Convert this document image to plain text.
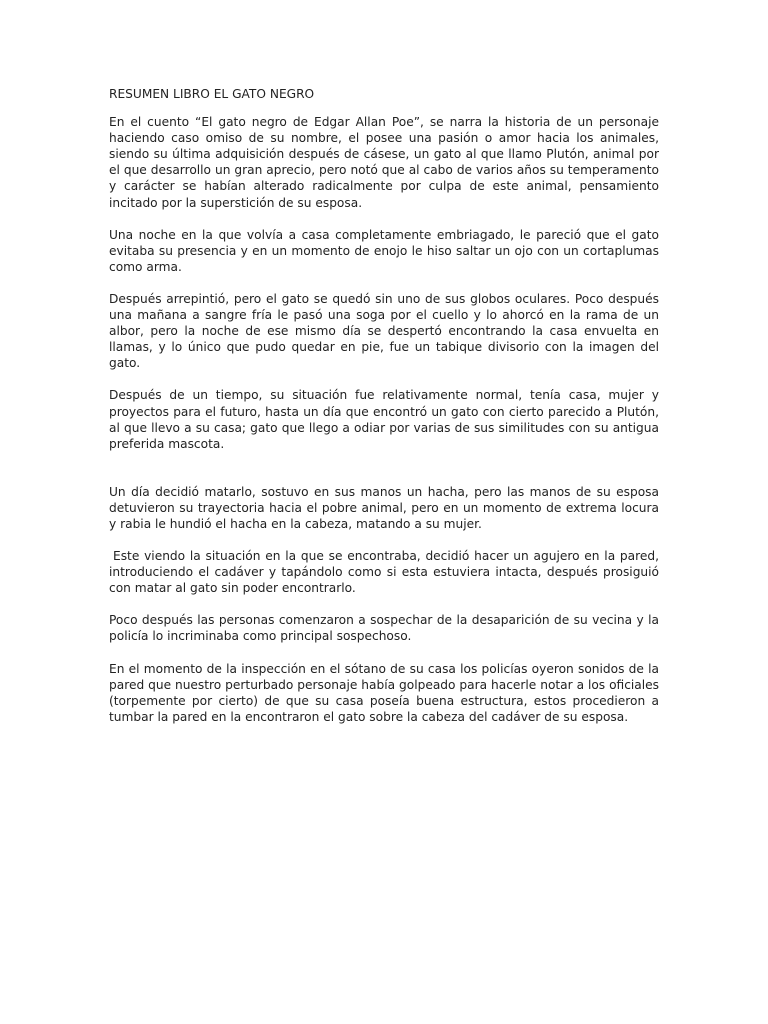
RESUMEN LIBRO EL GATO NEGRO

En el cuento “El gato negro de Edgar Allan Poe”, se narra la historia de un personaje haciendo caso omiso de su nombre, el posee una pasión o amor hacia los animales, siendo su última adquisición después de cásese, un gato al que llamo Plutón, animal por el que desarrollo un gran aprecio, pero notó que al cabo de varios años su temperamento y carácter se habían alterado radicalmente por culpa de este animal, pensamiento incitado por la superstición de su esposa.

Una noche en la que volvía a casa completamente embriagado, le pareció que el gato evitaba su presencia y en un momento de enojo le hiso saltar un ojo con un cortaplumas como arma.

Después arrepintió, pero el gato se quedó sin uno de sus globos oculares. Poco después una mañana a sangre fría le pasó una soga por el cuello y lo ahorcó en la rama de un albor, pero la noche de ese mismo día se despertó encontrando la casa envuelta en llamas, y lo único que pudo quedar en pie, fue un tabique divisorio con la imagen del gato.

Después de un tiempo, su situación fue relativamente normal, tenía casa, mujer y proyectos para el futuro, hasta un día que encontró un gato con cierto parecido a Plutón, al que llevo a su casa; gato que llego a odiar por varias de sus similitudes con su antigua preferida mascota.

Un día decidió matarlo, sostuvo en sus manos un hacha, pero las manos de su esposa detuvieron su trayectoria hacia el pobre animal, pero en un momento de extrema locura y rabia le hundió el hacha en la cabeza, matando a su mujer.

Este viendo la situación en la que se encontraba, decidió hacer un agujero en la pared, introduciendo el cadáver y tapándolo como si esta estuviera intacta, después prosiguió con matar al gato sin poder encontrarlo.

Poco después las personas comenzaron a sospechar de la desaparición de su vecina y la policía lo incriminaba como principal sospechoso.

En el momento de la inspección en el sótano de su casa los policías oyeron sonidos de la pared que nuestro perturbado personaje había golpeado para hacerle notar a los oficiales (torpemente por cierto) de que su casa poseía buena estructura, estos procedieron a tumbar la pared en la encontraron el gato sobre la cabeza del cadáver de su esposa.
